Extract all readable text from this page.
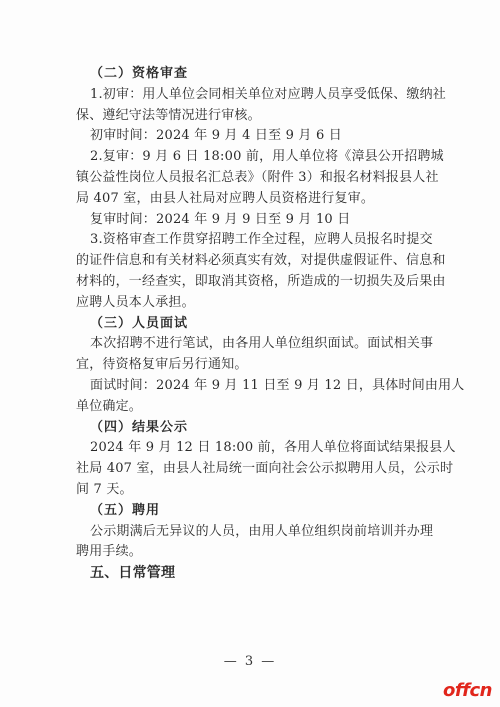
（二）资格审查
1.初审：用人单位会同相关单位对应聘人员享受低保、缴纳社
保、遵纪守法等情况进行审核。
初审时间：2024 年 9 月 4 日至 9 月 6 日
2.复审：9 月 6 日 18:00 前，用人单位将《漳县公开招聘城
镇公益性岗位人员报名汇总表》（附件 3）和报名材料报县人社
局 407 室，由县人社局对应聘人员资格进行复审。
复审时间：2024 年 9 月 9 日至 9 月 10 日
3.资格审查工作贯穿招聘工作全过程，应聘人员报名时提交
的证件信息和有关材料必须真实有效，对提供虚假证件、信息和
材料的，一经查实，即取消其资格，所造成的一切损失及后果由
应聘人员本人承担。
（三）人员面试
本次招聘不进行笔试，由各用人单位组织面试。面试相关事
宜，待资格复审后另行通知。
面试时间：2024 年 9 月 11 日至 9 月 12 日，具体时间由用人
单位确定。
（四）结果公示
2024 年 9 月 12 日 18:00 前，各用人单位将面试结果报县人
社局 407 室，由县人社局统一面向社会公示拟聘用人员，公示时
间 7 天。
（五）聘用
公示期满后无异议的人员，由用人单位组织岗前培训并办理
聘用手续。
五、日常管理
— 3 —
offcn
